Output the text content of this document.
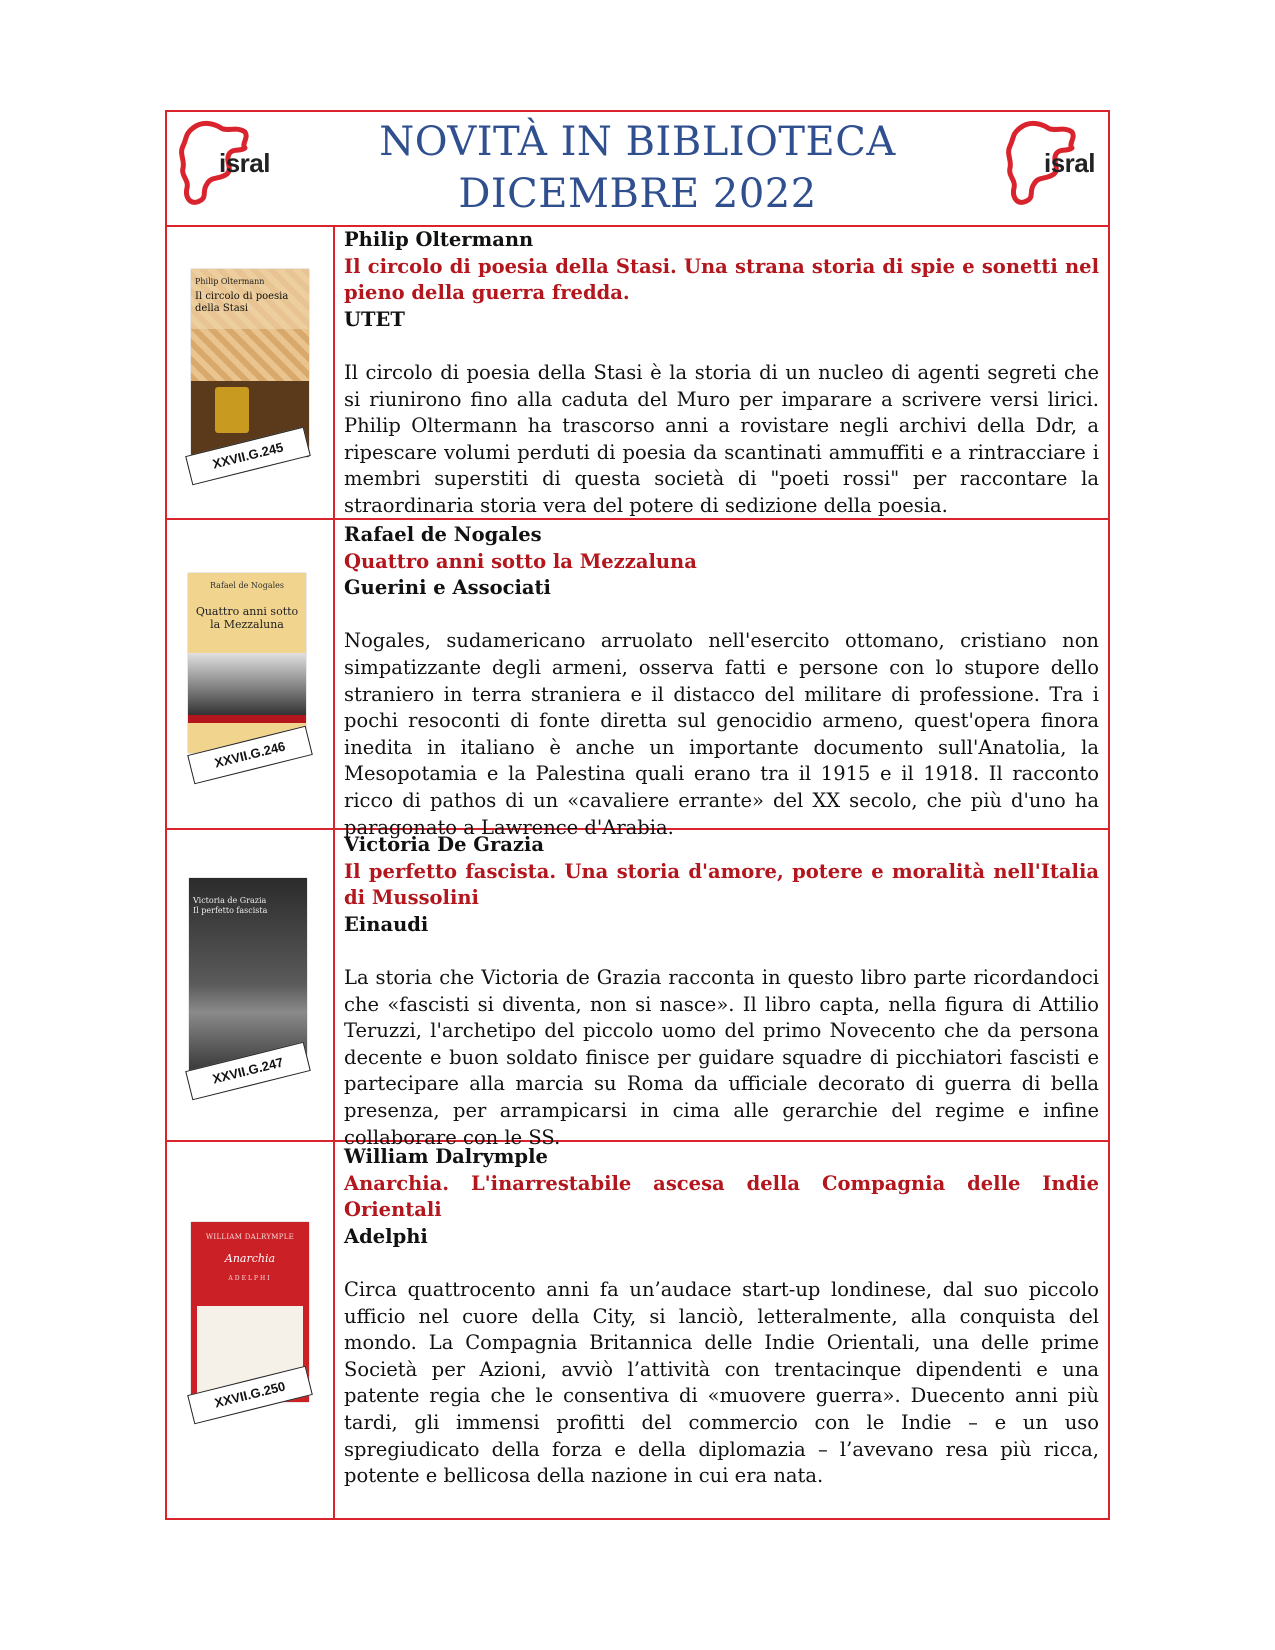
isral	NOVITÀ IN BIBLIOTECA
DICEMBRE 2022
isral
Philip Oltermann
Il circolo di poesia della Stasi
XXVII.G.245
Philip Oltermann
Il circolo di poesia della Stasi. Una strana storia di spie e sonetti nel pieno della guerra fredda.
UTET
Il circolo di poesia della Stasi è la storia di un nucleo di agenti segreti che si riunirono fino alla caduta del Muro per imparare a scrivere versi lirici. Philip Oltermann ha trascorso anni a rovistare negli archivi della Ddr, a ripescare volumi perduti di poesia da scantinati ammuffiti e a rintracciare i membri superstiti di questa società di "poeti rossi" per raccontare la straordinaria storia vera del potere di sedizione della poesia.
Rafael de Nogales
Quattro anni sotto la Mezzaluna
XXVII.G.246
Rafael de Nogales
Quattro anni sotto la Mezzaluna
Guerini e Associati
Nogales, sudamericano arruolato nell'esercito ottomano, cristiano non simpatizzante degli armeni, osserva fatti e persone con lo stupore dello straniero in terra straniera e il distacco del militare di professione. Tra i pochi resoconti di fonte diretta sul genocidio armeno, quest'opera finora inedita in italiano è anche un importante documento sull'Anatolia, la Mesopotamia e la Palestina quali erano tra il 1915 e il 1918. Il racconto ricco di pathos di un «cavaliere errante» del XX secolo, che più d'uno ha paragonato a Lawrence d'Arabia.
Victoria de Grazia
Il perfetto fascista
XXVII.G.247
Victoria De Grazia
Il perfetto fascista. Una storia d'amore, potere e moralità nell'Italia di Mussolini
Einaudi
La storia che Victoria de Grazia racconta in questo libro parte ricordandoci che «fascisti si diventa, non si nasce». Il libro capta, nella figura di Attilio Teruzzi, l'archetipo del piccolo uomo del primo Novecento che da persona decente e buon soldato finisce per guidare squadre di picchiatori fascisti e partecipare alla marcia su Roma da ufficiale decorato di guerra di bella presenza, per arrampicarsi in cima alle gerarchie del regime e infine collaborare con le SS.
WILLIAM DALRYMPLE
Anarchia
ADELPHI
XXVII.G.250
William Dalrymple
Anarchia. L'inarrestabile ascesa della Compagnia delle Indie Orientali
Adelphi
Circa quattrocento anni fa un’audace start-up londinese, dal suo piccolo ufficio nel cuore della City, si lanciò, letteralmente, alla conquista del mondo. La Compagnia Britannica delle Indie Orientali, una delle prime Società per Azioni, avviò l’attività con trentacinque dipendenti e una patente regia che le consentiva di «muovere guerra». Duecento anni più tardi, gli immensi profitti del commercio con le Indie – e un uso spregiudicato della forza e della diplomazia – l’avevano resa più ricca, potente e bellicosa della nazione in cui era nata.
